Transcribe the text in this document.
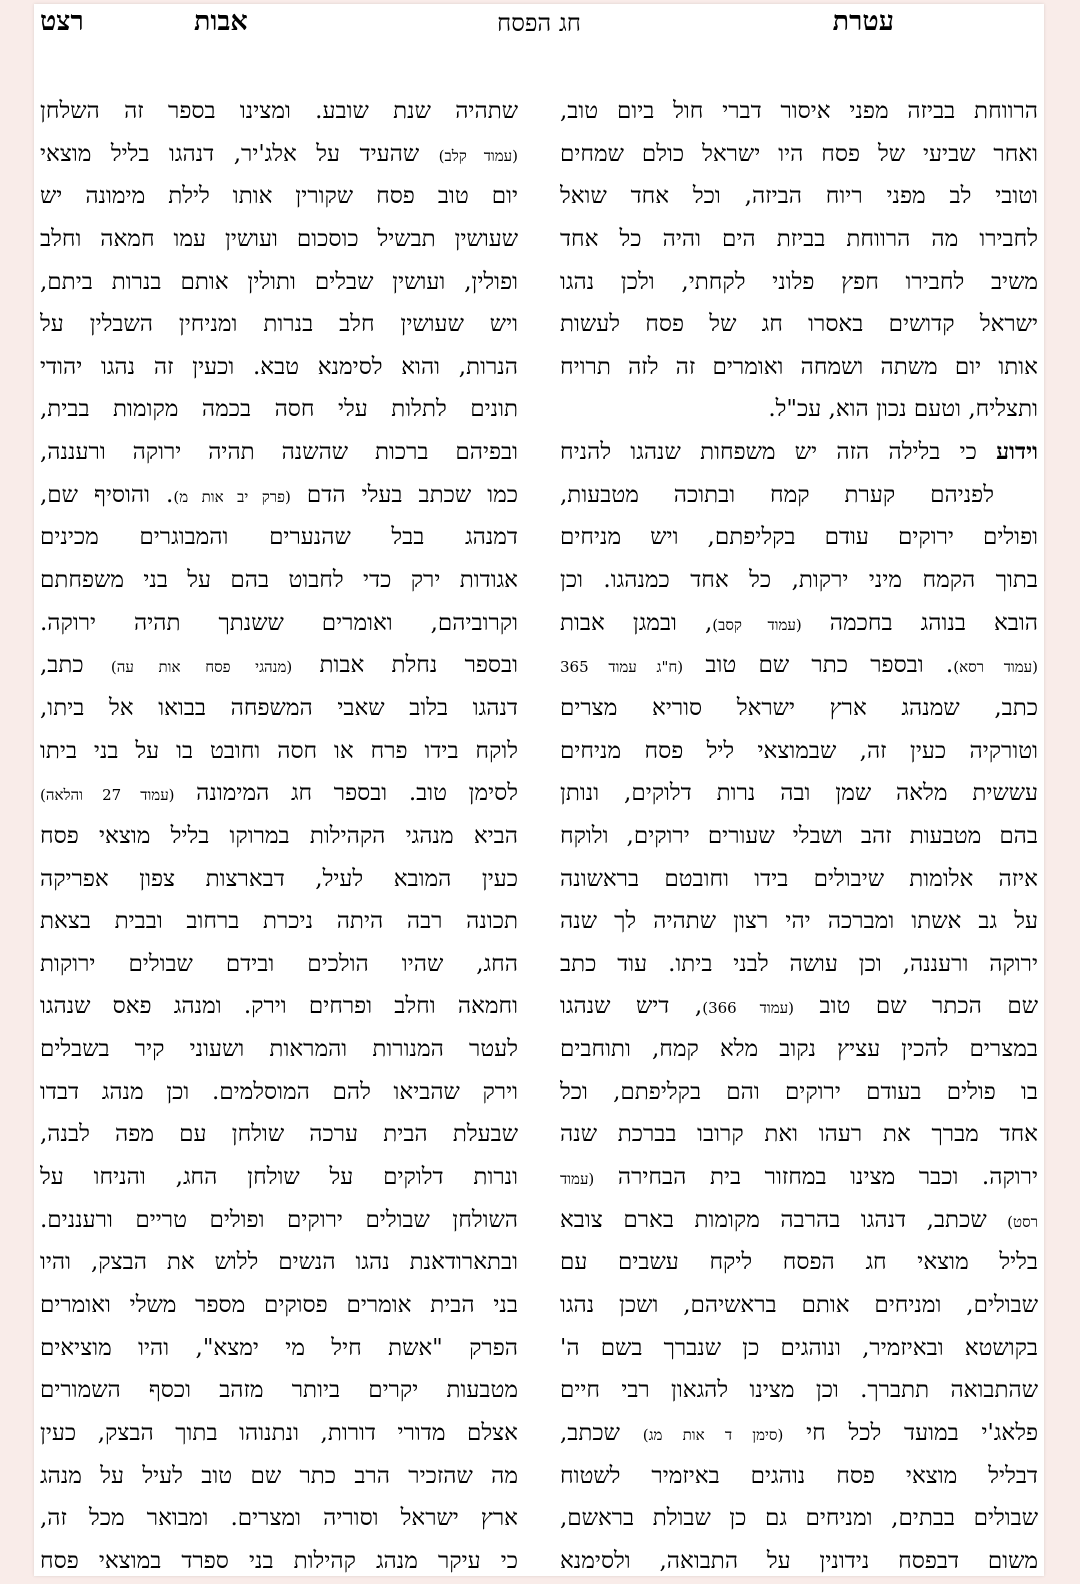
עטרת
חג הפסח
אבות
רצט
הרווחת בביזה מפני איסור דברי חול ביום טוב,
ואחר שביעי של פסח היו ישראל כולם שמחים
וטובי לב מפני ריוח הביזה, וכל אחד שואל
לחבירו מה הרווחת בביזת הים והיה כל אחד
משיב לחבירו חפץ פלוני לקחתי, ולכן נהגו
ישראל קדושים באסרו חג של פסח לעשות
אותו יום משתה ושמחה ואומרים זה לזה תרויח
ותצליח, וטעם נכון הוא, עכ"ל.
וידוע כי בלילה הזה יש משפחות שנהגו להניח
לפניהם קערת קמח ובתוכה מטבעות,
ופולים ירוקים עודם בקליפתם, ויש מניחים
בתוך הקמח מיני ירקות, כל אחד כמנהגו. וכן
הובא בנוהג בחכמה (עמוד קסב), ובמגן אבות
(עמוד רסא). ובספר כתר שם טוב (ח"ג עמוד 365
כתב, שמנהג ארץ ישראל סוריא מצרים
וטורקיה כעין זה, שבמוצאי ליל פסח מניחים
עששית מלאה שמן ובה נרות דלוקים, ונותן
בהם מטבעות זהב ושבלי שעורים ירוקים, ולוקח
איזה אלומות שיבולים בידו וחובטם בראשונה
על גב אשתו ומברכה יהי רצון שתהיה לך שנה
ירוקה ורעננה, וכן עושה לבני ביתו. עוד כתב
שם הכתר שם טוב (עמוד 366), דיש שנהגו
במצרים להכין עציץ נקוב מלא קמח, ותוחבים
בו פולים בעודם ירוקים והם בקליפתם, וכל
אחד מברך את רעהו ואת קרובו בברכת שנה
ירוקה. וכבר מצינו במחזור בית הבחירה (עמוד
רסט) שכתב, דנהגו בהרבה מקומות בארם צובא
בליל מוצאי חג הפסח ליקח עשבים עם
שבולים, ומניחים אותם בראשיהם, ושכן נהגו
בקושטא ובאיזמיר, ונוהגים כן שנברך בשם ה'
שהתבואה תתברך. וכן מצינו להגאון רבי חיים
פלאג'י במועד לכל חי (סימן ד אות מג) שכתב,
דבליל מוצאי פסח נוהגים באיזמיר לשטוח
שבולים בבתים, ומניחים גם כן שבולת בראשם,
משום דבפסח נידונין על התבואה, ולסימנא
שתהיה שנת שובע. ומצינו בספר זה השלחן
(עמוד קלב) שהעיד על אלג'יר, דנהגו בליל מוצאי
יום טוב פסח שקורין אותו לילת מימונה יש
שעושין תבשיל כוסכום ועושין עמו חמאה וחלב
ופולין, ועושין שבלים ותולין אותם בנרות ביתם,
ויש שעושין חלב בנרות ומניחין השבלין על
הנרות, והוא לסימנא טבא. וכעין זה נהגו יהודי
תונים לתלות עלי חסה בכמה מקומות בבית,
ובפיהם ברכות שהשנה תהיה ירוקה ורעננה,
כמו שכתב בעלי הדם (פרק יב אות מ). והוסיף שם,
דמנהג בבל שהנערים והמבוגרים מכינים
אגודות ירק כדי לחבוט בהם על בני משפחתם
וקרוביהם, ואומרים ששנתך תהיה ירוקה.
ובספר נחלת אבות (מנהגי פסח אות עה) כתב,
דנהגו בלוב שאבי המשפחה בבואו אל ביתו,
לוקח בידו פרח או חסה וחובט בו על בני ביתו
לסימן טוב. ובספר חג המימונה (עמוד 27 והלאה)
הביא מנהגי הקהילות במרוקו בליל מוצאי פסח
כעין המובא לעיל, דבארצות צפון אפריקה
תכונה רבה היתה ניכרת ברחוב ובבית בצאת
החג, שהיו הולכים ובידם שבולים ירוקות
וחמאה וחלב ופרחים וירק. ומנהג פאס שנהגו
לעטר המנורות והמראות ושעוני קיר בשבלים
וירק שהביאו להם המוסלמים. וכן מנהג דבדו
שבעלת הבית ערכה שולחן עם מפה לבנה,
ונרות דלוקים על שולחן החג, והניחו על
השולחן שבולים ירוקים ופולים טריים ורעננים.
ובתארודאנת נהגו הנשים ללוש את הבצק, והיו
בני הבית אומרים פסוקים מספר משלי ואומרים
הפרק "אשת חיל מי ימצא", והיו מוציאים
מטבעות יקרים ביותר מזהב וכסף השמורים
אצלם מדורי דורות, ונתנוהו בתוך הבצק, כעין
מה שהזכיר הרב כתר שם טוב לעיל על מנהג
ארץ ישראל וסוריה ומצרים. ומבואר מכל זה,
כי עיקר מנהג קהילות בני ספרד במוצאי פסח
